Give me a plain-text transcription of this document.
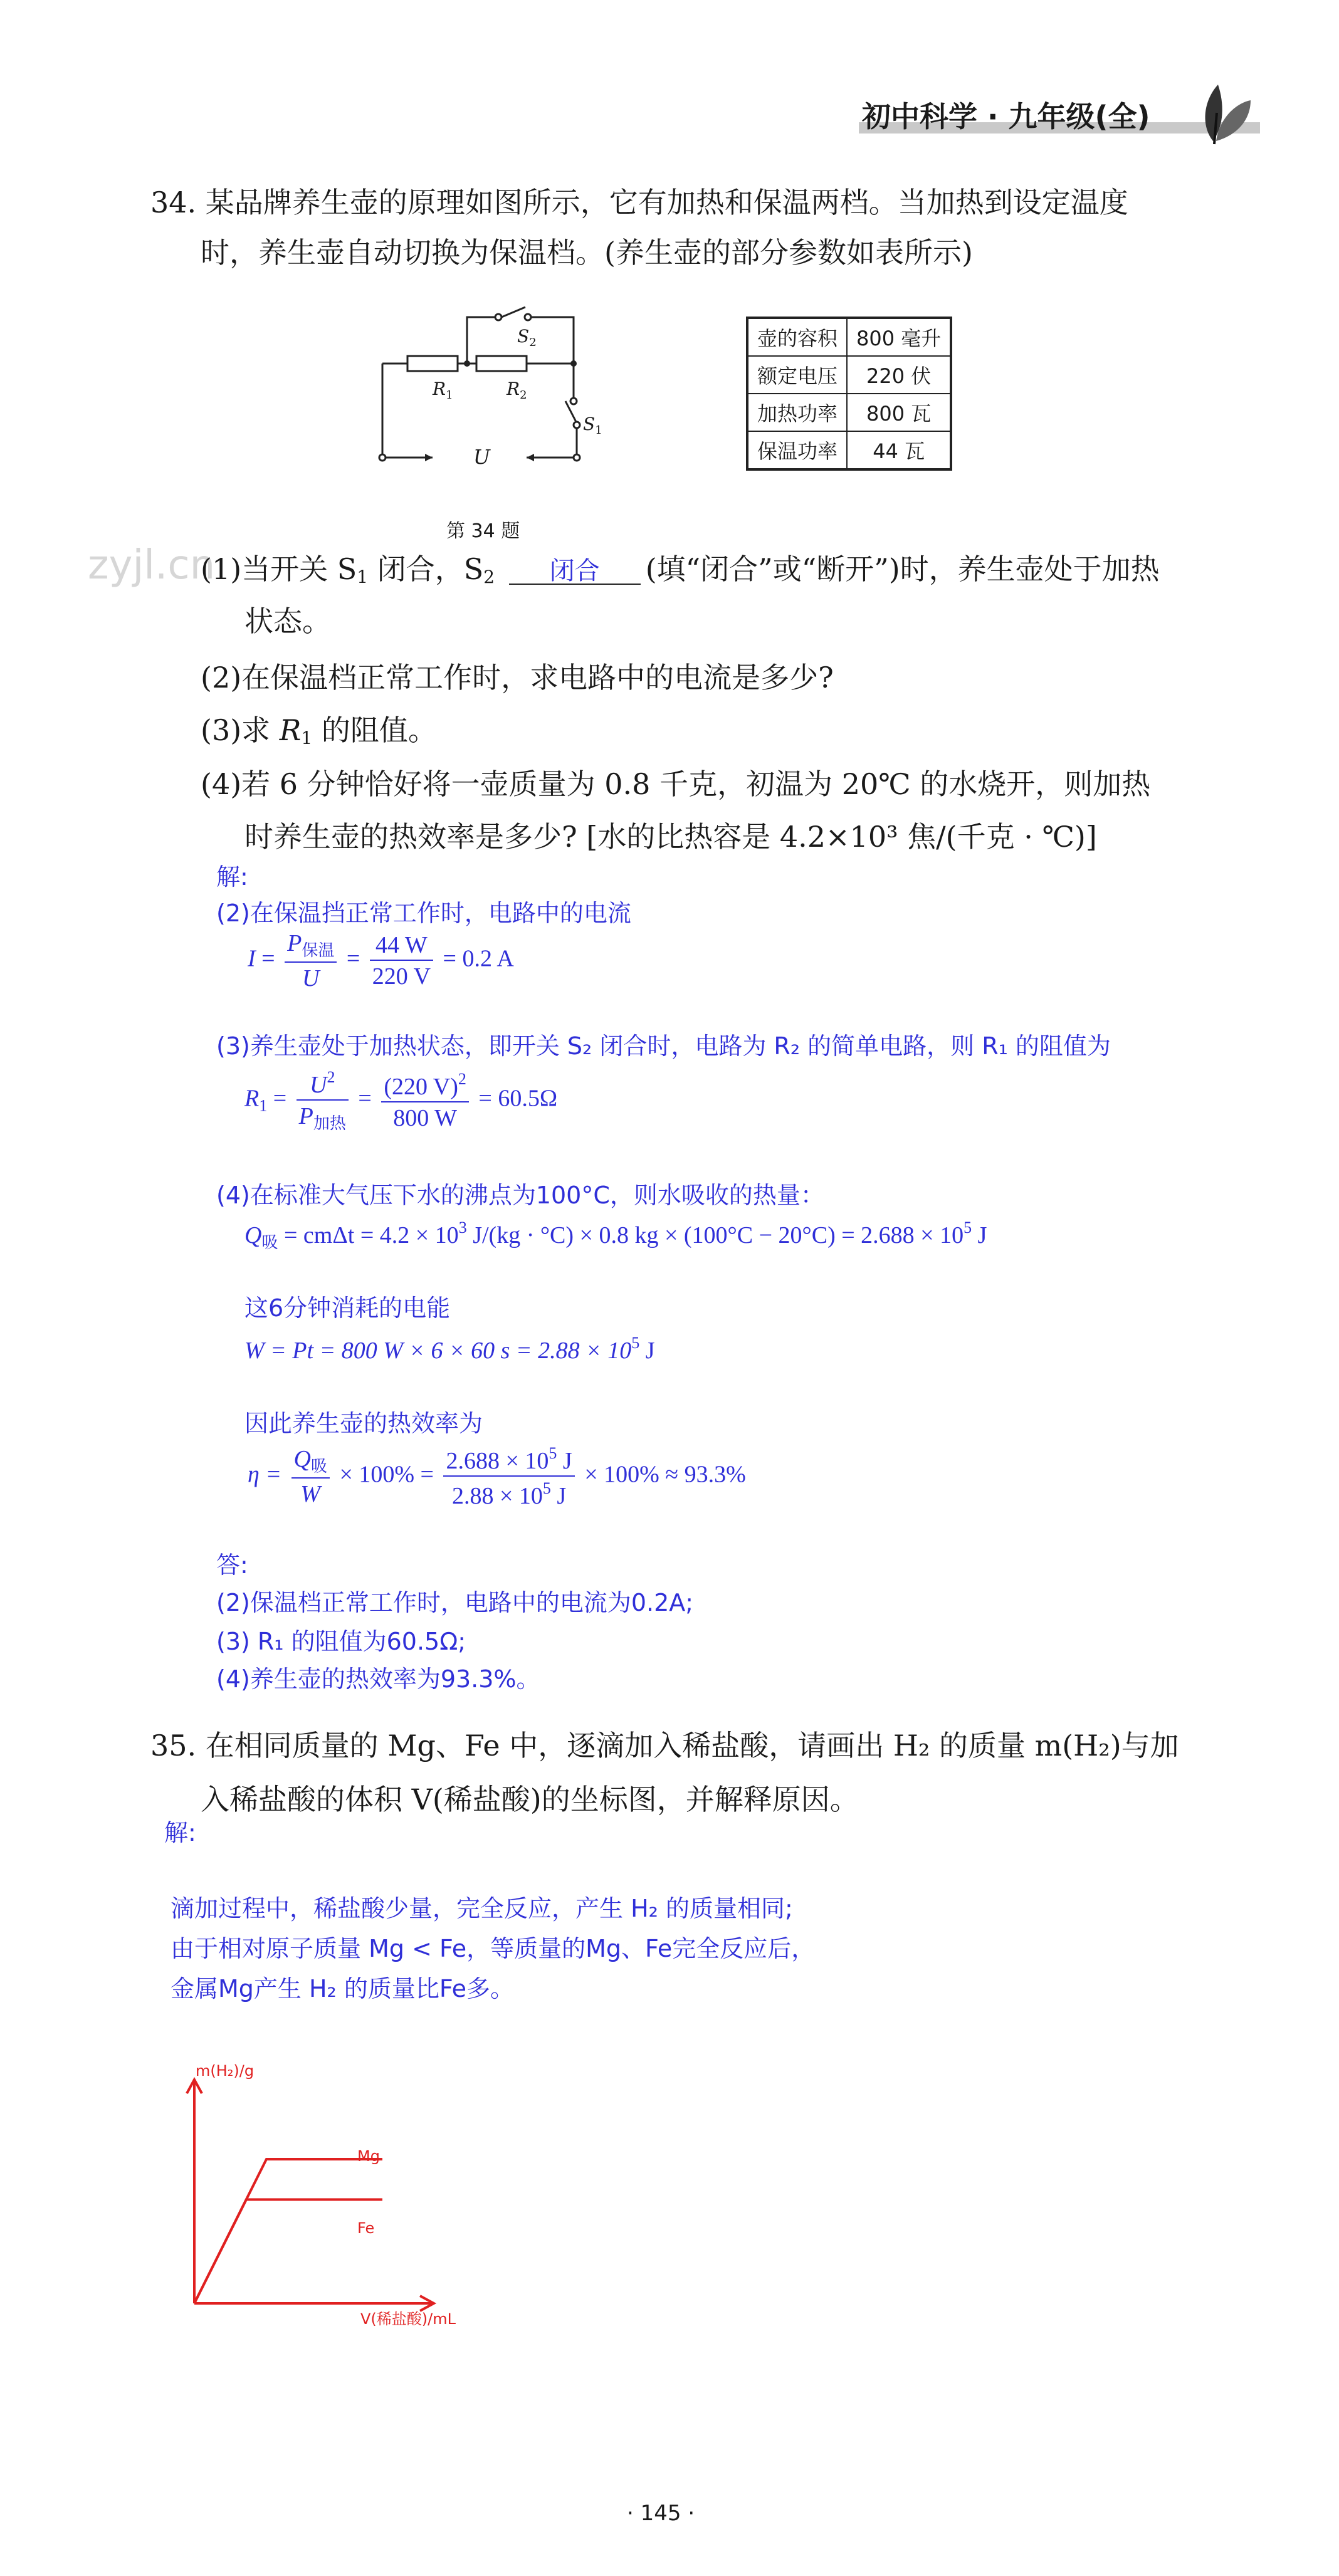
初中科学 · 九年级(全)
zyjl.cn
34. 某品牌养生壶的原理如图所示，它有加热和保温两档。当加热到设定温度
时，养生壶自动切换为保温档。(养生壶的部分参数如表所示)
$S_2$
$S_1$
$R_1$	$R_2$
U
第 34 题
壶的容积	800 毫升
额定电压	220 伏
加热功率	800 瓦
保温功率	44 瓦
(1)当开关 S1 闭合，S2 闭合 (填“闭合”或“断开”)时，养生壶处于加热
状态。
(2)在保温档正常工作时，求电路中的电流是多少?
(3)求 R1 的阻值。
(4)若 6 分钟恰好将一壶质量为 0.8 千克，初温为 20℃ 的水烧开，则加热
时养生壶的热效率是多少? [水的比热容是 4.2×10³ 焦/(千克 · ℃)]
解:
(2)在保温挡正常工作时，电路中的电流
$I = \frac{P_{保温}}{U} = \frac{44 W}{220 V} = 0.2$ A
(3)养生壶处于加热状态，即开关 S₂ 闭合时，电路为 R₂ 的简单电路，则 R₁ 的阻值为
$R_1 = \frac{U^2}{P_{加热}} = \frac{(220 V)^2}{800 W} = 60.5\Omega$
(4)在标准大气压下水的沸点为100°C，则水吸收的热量：
$Q_吸 = cm\Delta t = 4.2 \times 10^3$ J/(kg · °C) × 0.8 kg × $(100^\circ C - 20^\circ C) = 2.688 \times 10^5$ J
这6分钟消耗的电能
W = Pt = 800 W × 6 × 60 $s = 2.88 \times 10^5$ J
因此养生壶的热效率为
$\eta = \frac{Q_吸}{W} \times 100\% = \frac{2.688 \times 10^5 J}{2.88 \times 10^5 J} \times 100\% \approx 93.3\%$
答:
(2)保温档正常工作时，电路中的电流为0.2A;
(3) R₁ 的阻值为60.5Ω;
(4)养生壶的热效率为93.3%。
35. 在相同质量的 Mg、Fe 中，逐滴加入稀盐酸，请画出 H₂ 的质量 m(H₂)与加
入稀盐酸的体积 V(稀盐酸)的坐标图，并解释原因。
解:
滴加过程中，稀盐酸少量，完全反应，产生 H₂ 的质量相同;
由于相对原子质量 Mg < Fe，等质量的Mg、Fe完全反应后，
金属Mg产生 H₂ 的质量比Fe多。
m(H₂)/g
V(稀盐酸)/mL
Mg
Fe
· 145 ·
